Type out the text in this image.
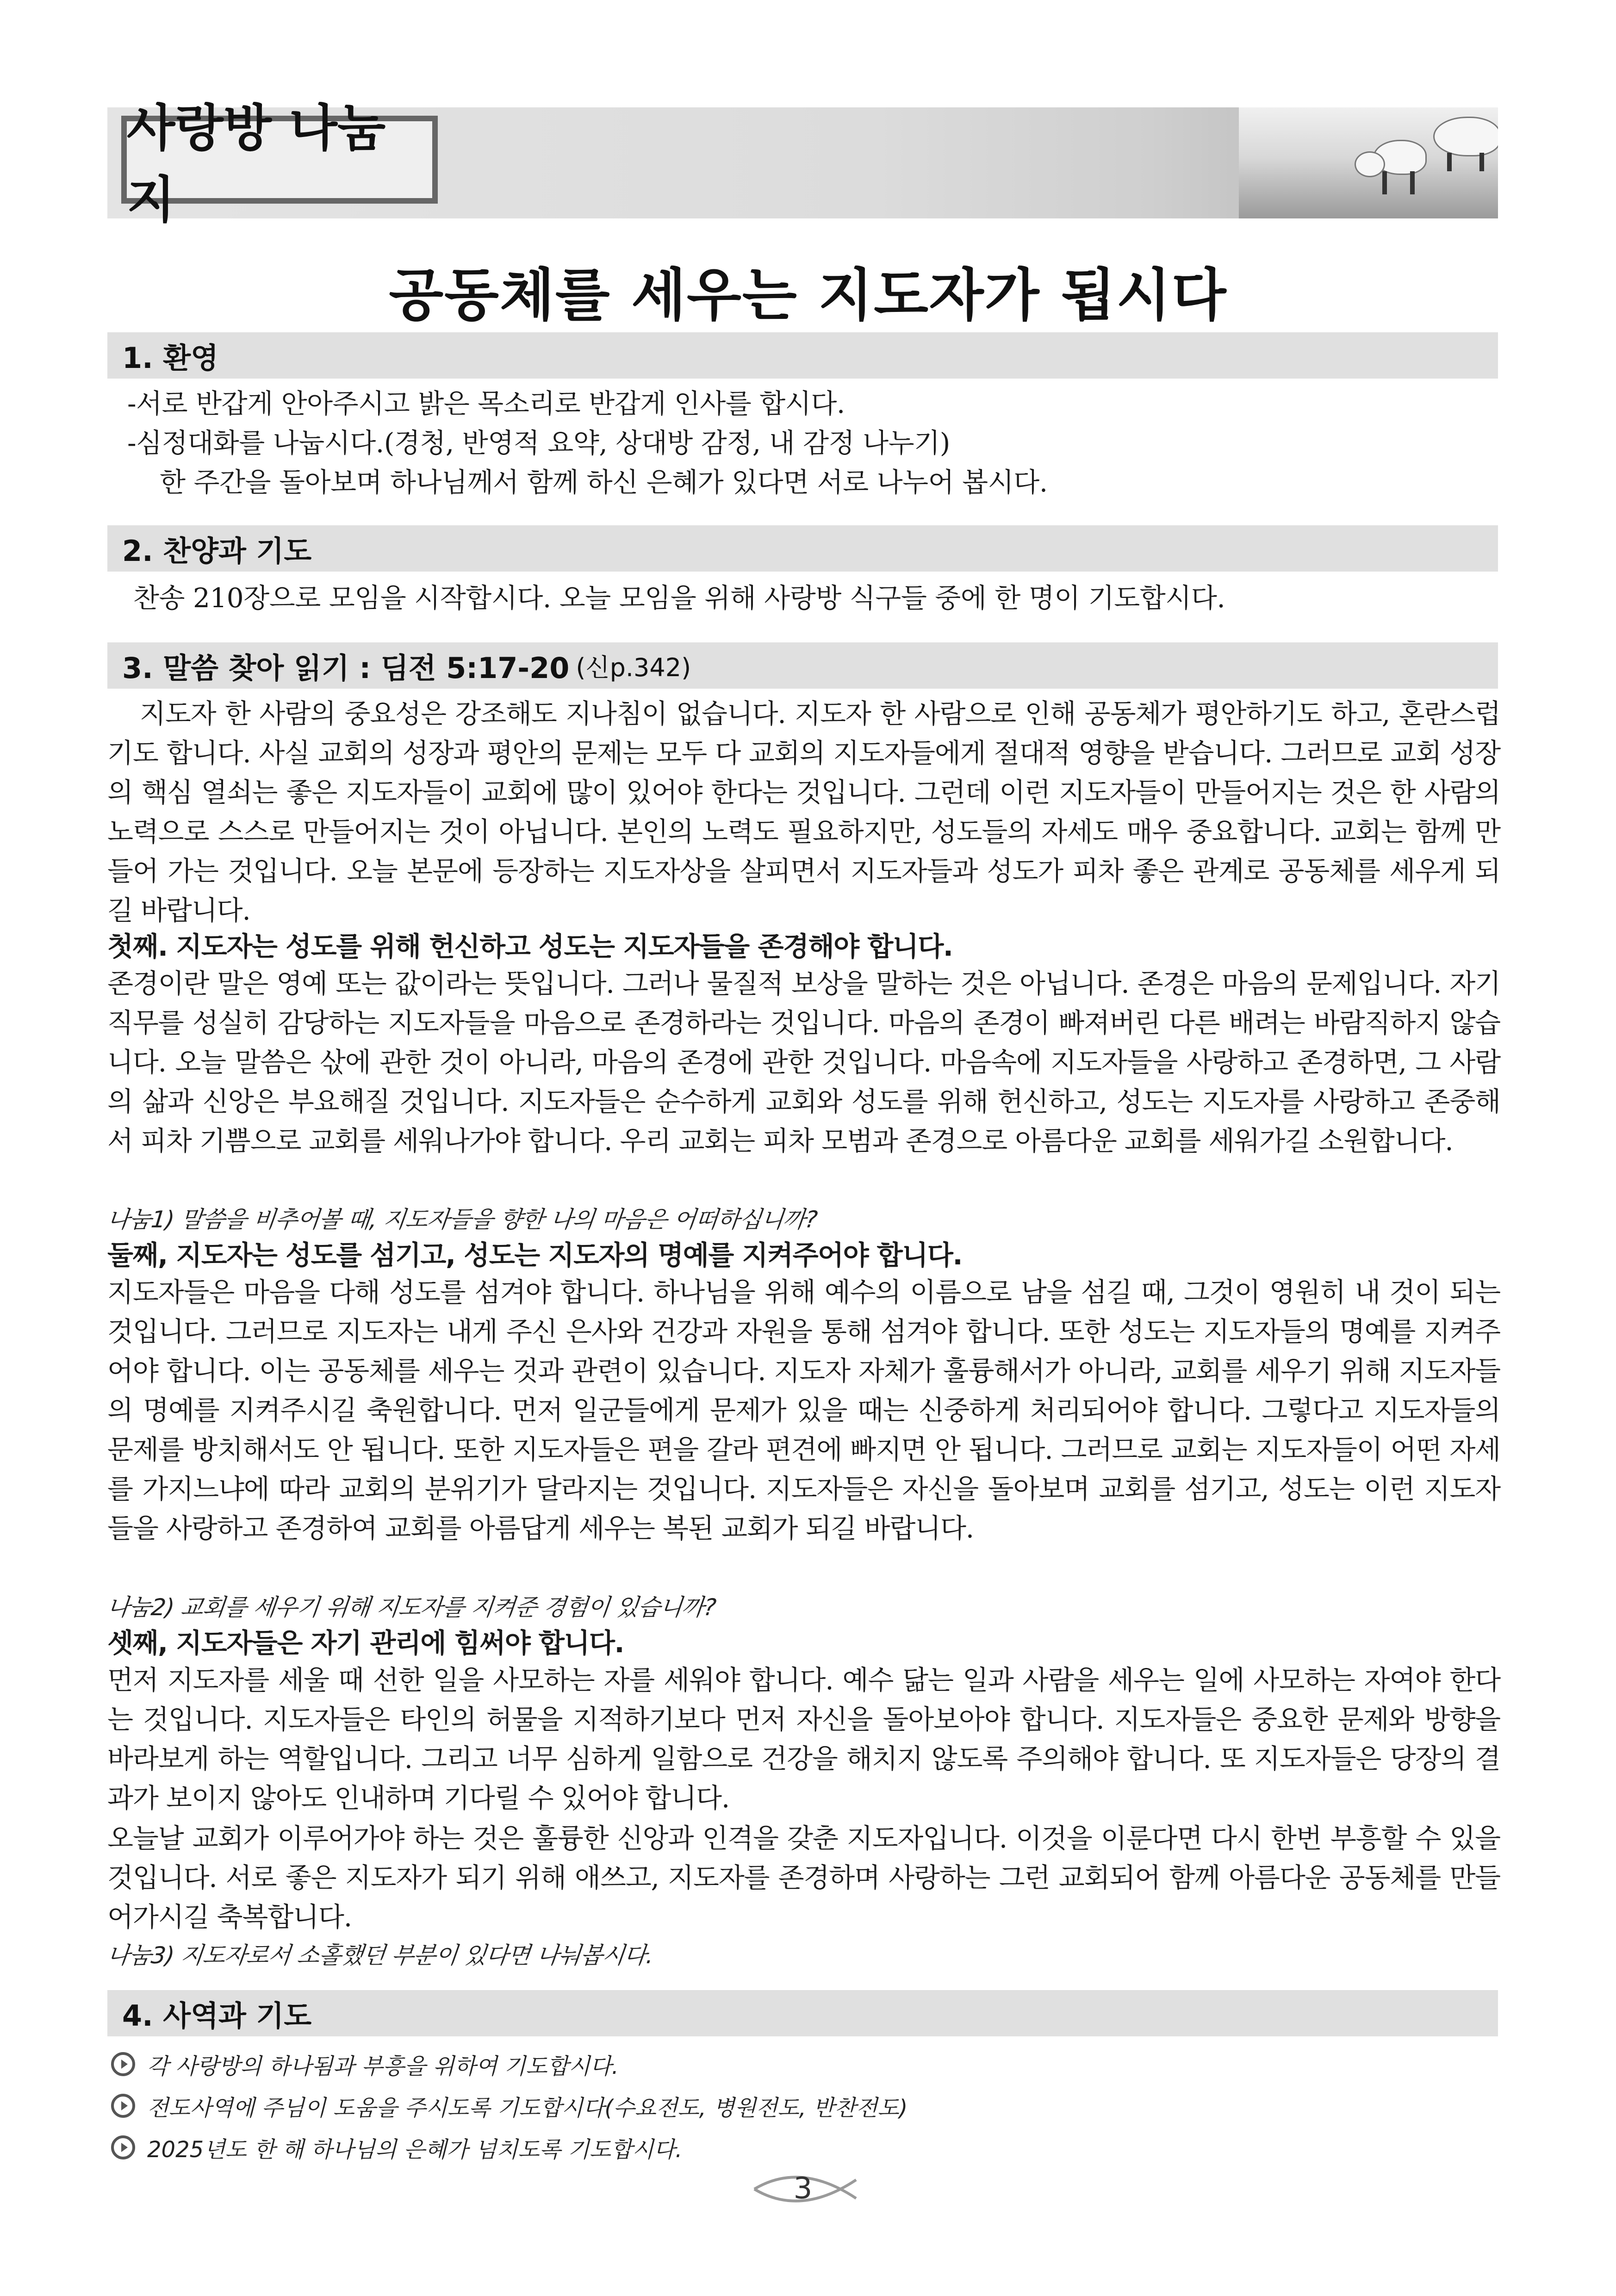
사랑방 나눔지
공동체를 세우는 지도자가 됩시다
1. 환영
-서로 반갑게 안아주시고 밝은 목소리로 반갑게 인사를 합시다.
-심정대화를 나눕시다.(경청, 반영적 요약, 상대방 감정, 내 감정 나누기)
한 주간을 돌아보며 하나님께서 함께 하신 은혜가 있다면 서로 나누어 봅시다.
2. 찬양과 기도
찬송 210장으로 모임을 시작합시다. 오늘 모임을 위해 사랑방 식구들 중에 한 명이 기도합시다.
3. 말씀 찾아 읽기 : 딤전 5:17-20 (신p.342)
지도자 한 사람의 중요성은 강조해도 지나침이 없습니다. 지도자 한 사람으로 인해 공동체가 평안하기도 하고, 혼란스럽기도 합니다. 사실 교회의 성장과 평안의 문제는 모두 다 교회의 지도자들에게 절대적 영향을 받습니다. 그러므로 교회 성장의 핵심 열쇠는 좋은 지도자들이 교회에 많이 있어야 한다는 것입니다. 그런데 이런 지도자들이 만들어지는 것은 한 사람의 노력으로 스스로 만들어지는 것이 아닙니다. 본인의 노력도 필요하지만, 성도들의 자세도 매우 중요합니다. 교회는 함께 만들어 가는 것입니다. 오늘 본문에 등장하는 지도자상을 살피면서 지도자들과 성도가 피차 좋은 관계로 공동체를 세우게 되길 바랍니다.
첫째. 지도자는 성도를 위해 헌신하고 성도는 지도자들을 존경해야 합니다.
존경이란 말은 영예 또는 값이라는 뜻입니다. 그러나 물질적 보상을 말하는 것은 아닙니다. 존경은 마음의 문제입니다. 자기 직무를 성실히 감당하는 지도자들을 마음으로 존경하라는 것입니다. 마음의 존경이 빠져버린 다른 배려는 바람직하지 않습니다. 오늘 말씀은 삯에 관한 것이 아니라, 마음의 존경에 관한 것입니다. 마음속에 지도자들을 사랑하고 존경하면, 그 사람의 삶과 신앙은 부요해질 것입니다. 지도자들은 순수하게 교회와 성도를 위해 헌신하고, 성도는 지도자를 사랑하고 존중해서 피차 기쁨으로 교회를 세워나가야 합니다. 우리 교회는 피차 모범과 존경으로 아름다운 교회를 세워가길 소원합니다.
나눔1) 말씀을 비추어볼 때, 지도자들을 향한 나의 마음은 어떠하십니까?
둘째, 지도자는 성도를 섬기고, 성도는 지도자의 명예를 지켜주어야 합니다.
지도자들은 마음을 다해 성도를 섬겨야 합니다. 하나님을 위해 예수의 이름으로 남을 섬길 때, 그것이 영원히 내 것이 되는 것입니다. 그러므로 지도자는 내게 주신 은사와 건강과 자원을 통해 섬겨야 합니다. 또한 성도는 지도자들의 명예를 지켜주어야 합니다. 이는 공동체를 세우는 것과 관련이 있습니다. 지도자 자체가 훌륭해서가 아니라, 교회를 세우기 위해 지도자들의 명예를 지켜주시길 축원합니다. 먼저 일군들에게 문제가 있을 때는 신중하게 처리되어야 합니다. 그렇다고 지도자들의 문제를 방치해서도 안 됩니다. 또한 지도자들은 편을 갈라 편견에 빠지면 안 됩니다. 그러므로 교회는 지도자들이 어떤 자세를 가지느냐에 따라 교회의 분위기가 달라지는 것입니다. 지도자들은 자신을 돌아보며 교회를 섬기고, 성도는 이런 지도자들을 사랑하고 존경하여 교회를 아름답게 세우는 복된 교회가 되길 바랍니다.
나눔2) 교회를 세우기 위해 지도자를 지켜준 경험이 있습니까?
셋째, 지도자들은 자기 관리에 힘써야 합니다.
먼저 지도자를 세울 때 선한 일을 사모하는 자를 세워야 합니다. 예수 닮는 일과 사람을 세우는 일에 사모하는 자여야 한다는 것입니다. 지도자들은 타인의 허물을 지적하기보다 먼저 자신을 돌아보아야 합니다. 지도자들은 중요한 문제와 방향을 바라보게 하는 역할입니다. 그리고 너무 심하게 일함으로 건강을 해치지 않도록 주의해야 합니다. 또 지도자들은 당장의 결과가 보이지 않아도 인내하며 기다릴 수 있어야 합니다.
오늘날 교회가 이루어가야 하는 것은 훌륭한 신앙과 인격을 갖춘 지도자입니다. 이것을 이룬다면 다시 한번 부흥할 수 있을 것입니다. 서로 좋은 지도자가 되기 위해 애쓰고, 지도자를 존경하며 사랑하는 그런 교회되어 함께 아름다운 공동체를 만들어가시길 축복합니다.
나눔3) 지도자로서 소홀했던 부분이 있다면 나눠봅시다.
4. 사역과 기도
각 사랑방의 하나됨과 부흥을 위하여 기도합시다.
전도사역에 주님이 도움을 주시도록 기도합시다(수요전도, 병원전도, 반찬전도)
2025년도 한 해 하나님의 은혜가 넘치도록 기도합시다.
3
